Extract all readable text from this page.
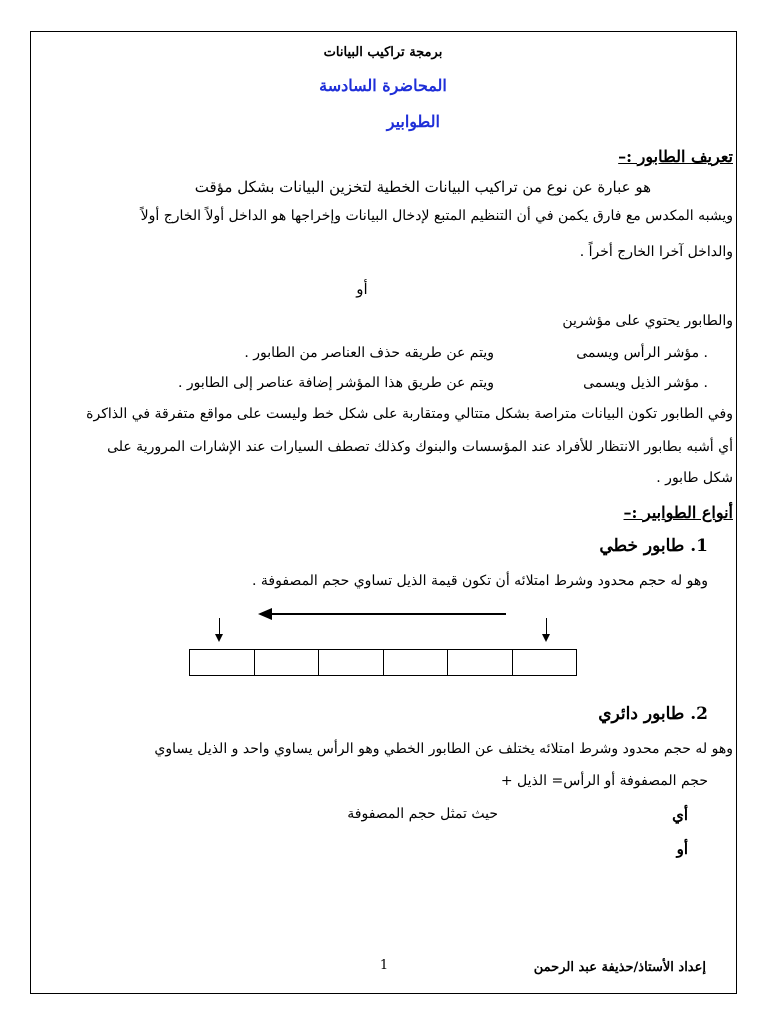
برمجة تراكيب البيانات
المحاضرة السادسة
الطوابير
تعريف الطابور :–
هو عبارة عن نوع من تراكيب البيانات الخطية لتخزين البيانات بشكل مؤقت
ويشبه المكدس مع فارق يكمن في أن التنظيم المتبع لإدخال البيانات وإخراجها هو الداخل أولاً الخارج أولاً
والداخل آخرا الخارج أخراً .
أو
والطابور يحتوي على مؤشرين
. مؤشر الرأس ويسمى
ويتم عن طريقه حذف العناصر من الطابور .
. مؤشر الذيل ويسمى
ويتم عن طريق هذا المؤشر إضافة عناصر إلى الطابور .
وفي الطابور تكون البيانات متراصة بشكل متتالي ومتقاربة على شكل خط وليست على مواقع متفرقة في الذاكرة
أي أشبه بطابور الانتظار للأفراد عند المؤسسات والبنوك وكذلك تصطف السيارات عند الإشارات المرورية على
شكل طابور .
أنواع الطوابير :–
1. طابور خطي
وهو له حجم محدود وشرط امتلائه أن تكون قيمة الذيل تساوي حجم المصفوفة .
2. طابور دائري
وهو له حجم محدود وشرط امتلائه يختلف عن الطابور الخطي وهو الرأس يساوي واحد و الذيل يساوي
حجم المصفوفة أو الرأس= الذيل +
أي
حيث تمثل حجم المصفوفة
أو
إعداد الأستاذ/حذيفة عبد الرحمن
1
